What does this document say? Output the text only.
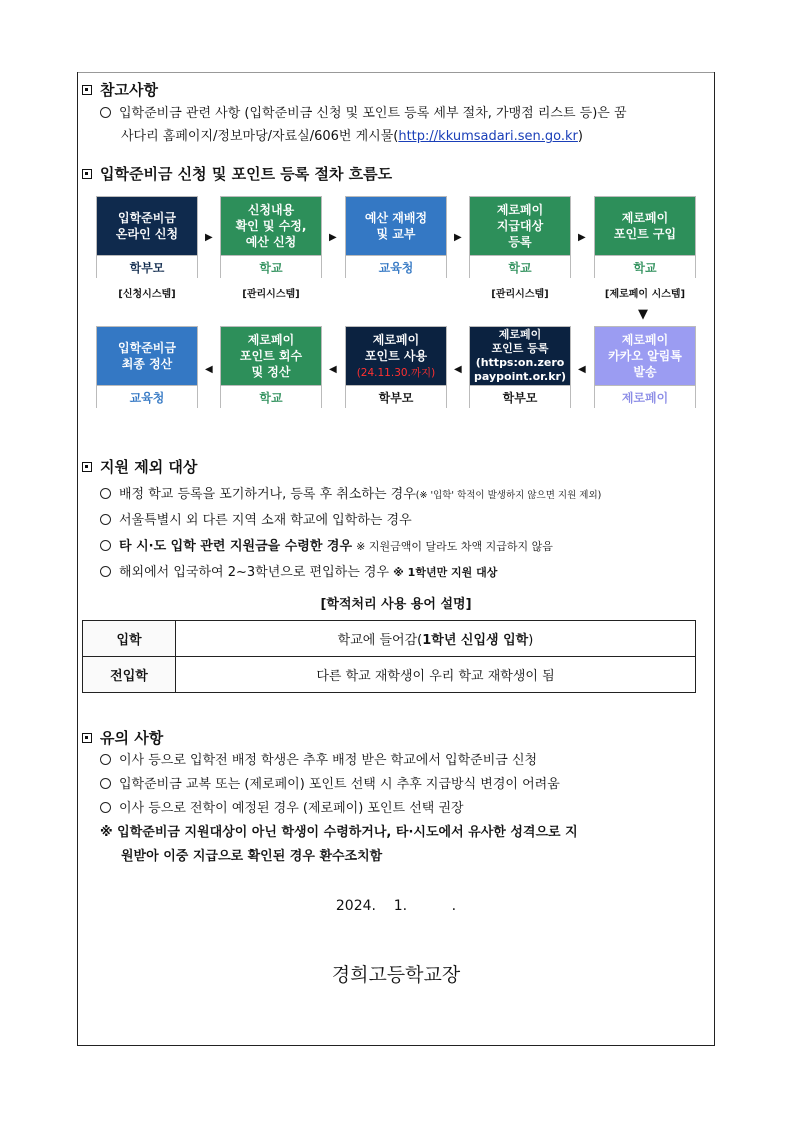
참고사항
입학준비금 관련 사항 (입학준비금 신청 및 포인트 등록 세부 절차, 가맹점 리스트 등)은 꿈
사다리 홈페이지/정보마당/자료실/606번 게시물(http://kkumsadari.sen.go.kr)
입학준비금 신청 및 포인트 등록 절차 흐름도
입학준비금
온라인 신청
학부모
신청내용
확인 및 수정,
예산 신청
학교
예산 재배정
및 교부
교육청
제로페이
지급대상
등록
학교
제로페이
포인트 구입
학교
▶	▶	▶	▶
[신청시스템]	[관리시스템]	[관리시스템]	[제로페이 시스템]
▼
입학준비금
최종 정산
교육청
제로페이
포인트 회수
및 정산
학교
제로페이
포인트 사용
(24.11.30.까지)
학부모
제로페이
포인트 등록
(https:on.zero
paypoint.or.kr)
학부모
제로페이
카카오 알림톡
발송
제로페이
◀	◀	◀	◀
지원 제외 대상
배정 학교 등록을 포기하거나, 등록 후 취소하는 경우(※ '입학' 학적이 발생하지 않으면 지원 제외)
서울특별시 외 다른 지역 소재 학교에 입학하는 경우
타 시·도 입학 관련 지원금을 수령한 경우 ※ 지원금액이 달라도 차액 지급하지 않음
해외에서 입국하여 2~3학년으로 편입하는 경우 ※ 1학년만 지원 대상
[학적처리 사용 용어 설명]
입학	학교에 들어감(1학년 신입생 입학)
전입학	다른 학교 재학생이 우리 학교 재학생이 됨
유의 사항
이사 등으로 입학전 배정 학생은 추후 배정 받은 학교에서 입학준비금 신청
입학준비금 교복 또는 (제로페이) 포인트 선택 시 추후 지급방식 변경이 어려움
이사 등으로 전학이 예정된 경우 (제로페이) 포인트 선택 권장
※ 입학준비금 지원대상이 아닌 학생이 수령하거나, 타·시도에서 유사한 성격으로 지
원받아 이중 지급으로 확인된 경우 환수조치함
2024.    1.          .
경희고등학교장
